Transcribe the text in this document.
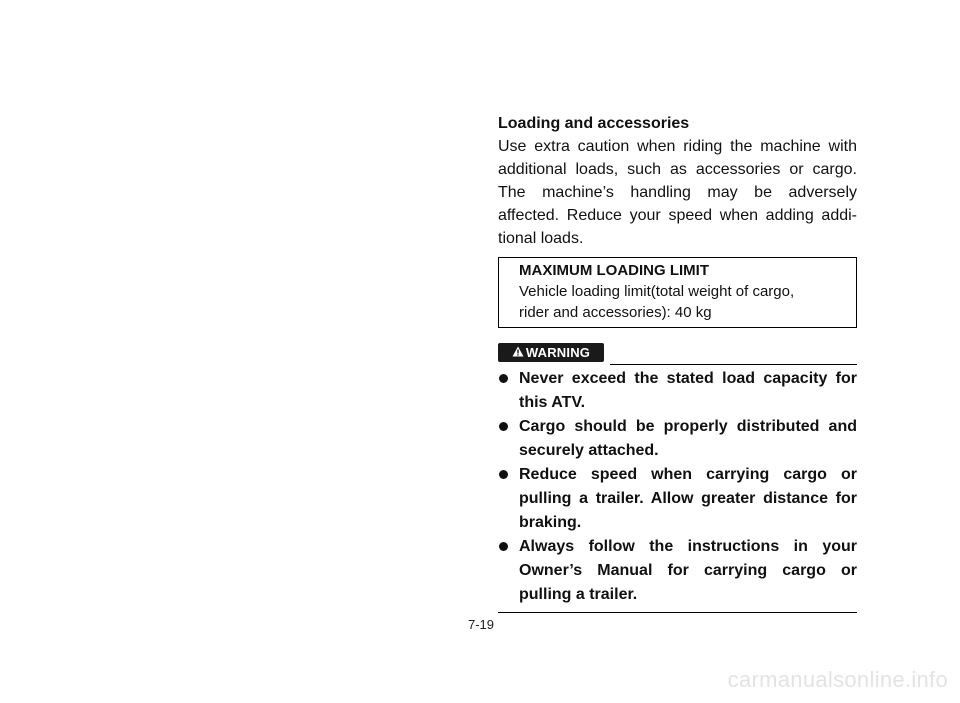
Loading and accessories

Use extra caution when riding the machine with additional loads, such as accessories or cargo. The machine’s handling may be adversely affected. Reduce your speed when adding addi-tional loads.

MAXIMUM LOADING LIMIT
Vehicle loading limit(total weight of cargo,
rider and accessories): 40 kg
WARNING
Never exceed the stated load capacity for this ATV.
Cargo should be properly distributed and securely attached.
Reduce speed when carrying cargo or pulling a trailer. Allow greater distance for braking.
Always follow the instructions in your Owner’s Manual for carrying cargo or pulling a trailer.
7-19
carmanualsonline.info
